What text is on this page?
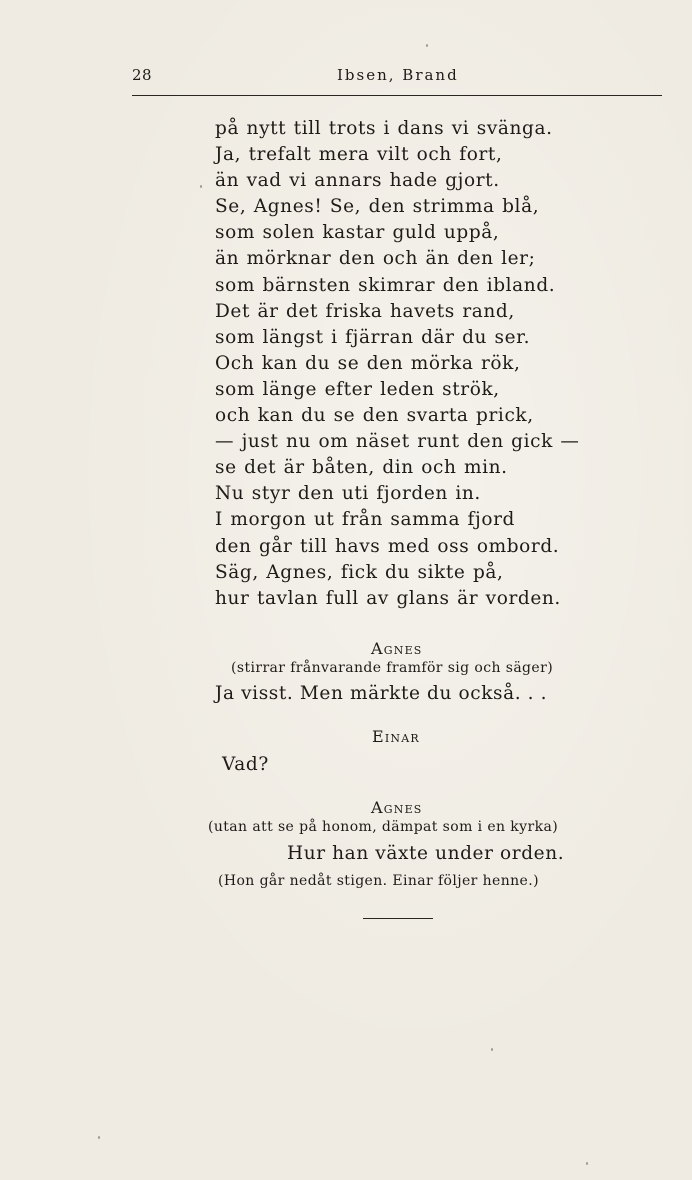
28	Ibsen, Brand
på nytt till trots i dans vi svänga.
Ja, trefalt mera vilt och fort,
än vad vi annars hade gjort.
Se, Agnes! Se, den strimma blå,
som solen kastar guld uppå,
än mörknar den och än den ler;
som bärnsten skimrar den ibland.
Det är det friska havets rand,
som längst i fjärran där du ser.
Och kan du se den mörka rök,
som länge efter leden strök,
och kan du se den svarta prick,
— just nu om näset runt den gick —
se det är båten, din och min.
Nu styr den uti fjorden in.
I morgon ut från samma fjord
den går till havs med oss ombord.
Säg, Agnes, fick du sikte på,
hur tavlan full av glans är vorden.
Agnes
(stirrar frånvarande framför sig och säger)
Ja visst. Men märkte du också. . .
Einar
Vad?
Agnes
(utan att se på honom, dämpat som i en kyrka)
Hur han växte under orden.
(Hon går nedåt stigen. Einar följer henne.)
